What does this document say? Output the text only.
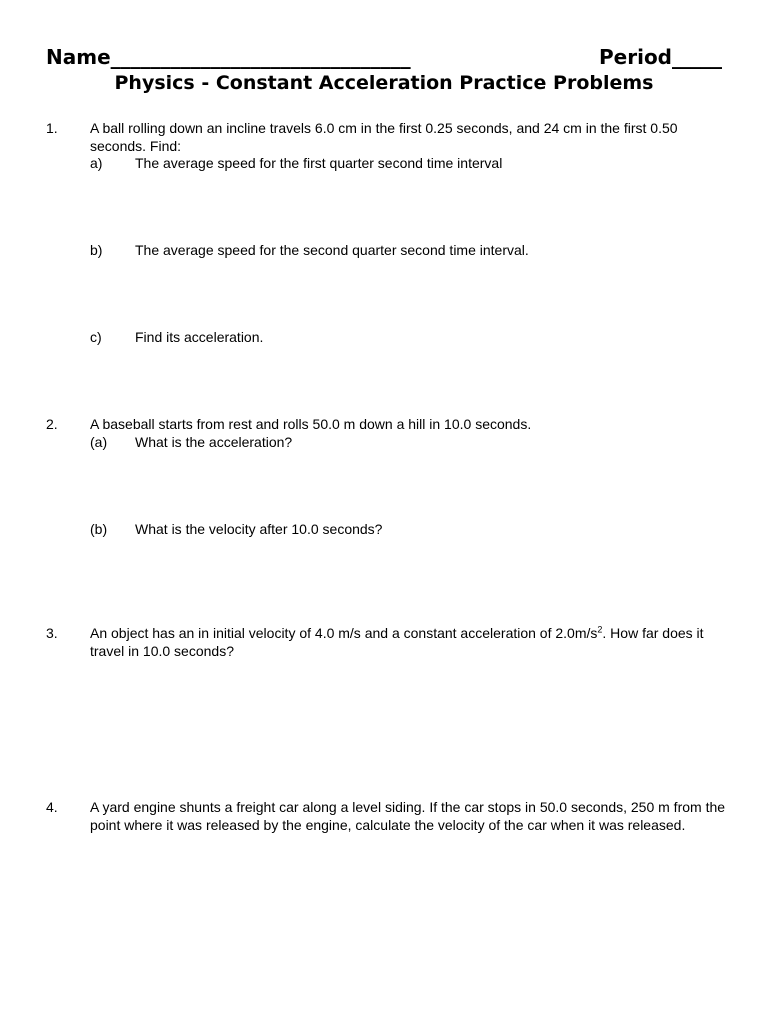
Name______________________________	Period_____
Physics - Constant Acceleration Practice Problems
1. A ball rolling down an incline travels 6.0 cm in the first 0.25 seconds, and 24 cm in the first 0.50 seconds. Find:
a) The average speed for the first quarter second time interval
b) The average speed for the second quarter second time interval.
c) Find its acceleration.
2. A baseball starts from rest and rolls 50.0 m down a hill in 10.0 seconds.
(a) What is the acceleration?
(b) What is the velocity after 10.0 seconds?
3. An object has an in initial velocity of 4.0 m/s and a constant acceleration of $2.0m/s^2$. How far does it travel in 10.0 seconds?
4. A yard engine shunts a freight car along a level siding. If the car stops in 50.0 seconds, 250 m from the point where it was released by the engine, calculate the velocity of the car when it was released.
